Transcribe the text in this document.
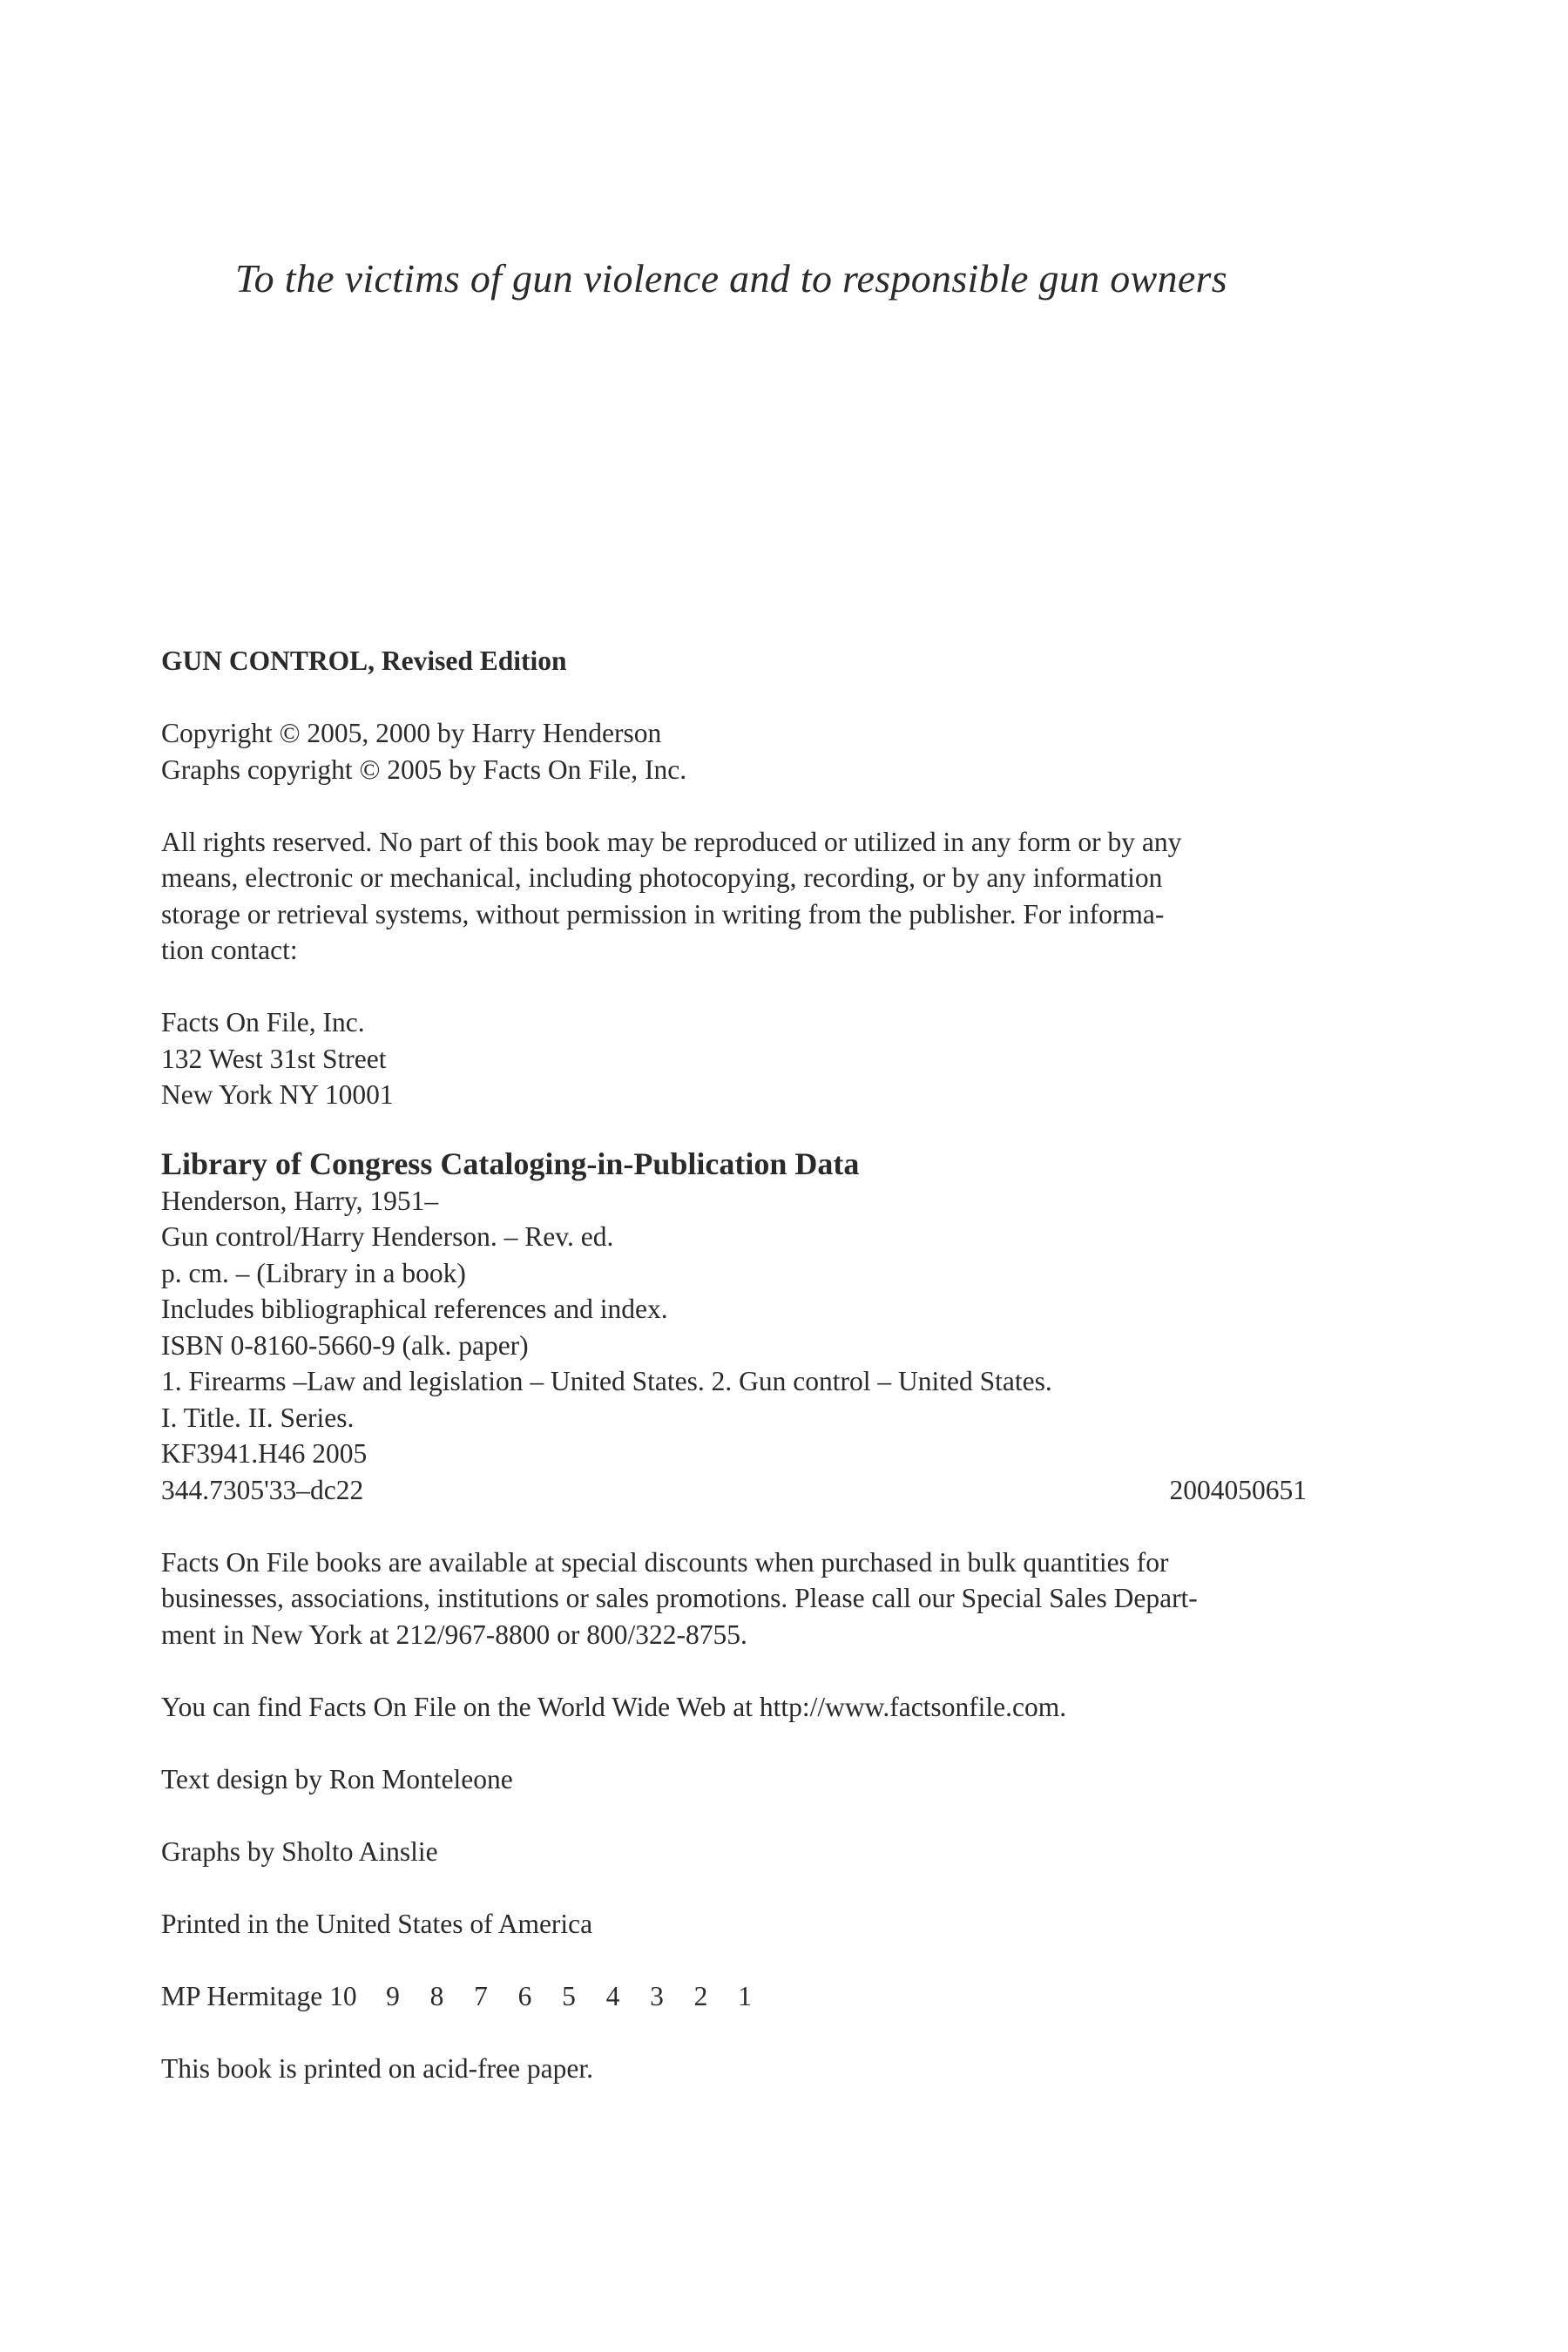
To the victims of gun violence and to responsible gun owners
GUN CONTROL, Revised Edition
Copyright © 2005, 2000 by Harry Henderson
Graphs copyright © 2005 by Facts On File, Inc.
All rights reserved. No part of this book may be reproduced or utilized in any form or by any
means, electronic or mechanical, including photocopying, recording, or by any information
storage or retrieval systems, without permission in writing from the publisher. For informa-
tion contact:
Facts On File, Inc.
132 West 31st Street
New York NY 10001
Library of Congress Cataloging-in-Publication Data
Henderson, Harry, 1951–
Gun control/Harry Henderson. – Rev. ed.
p. cm. – (Library in a book)
Includes bibliographical references and index.
ISBN 0-8160-5660-9 (alk. paper)
1. Firearms –Law and legislation – United States. 2. Gun control – United States.
I. Title. II. Series.
KF3941.H46 2005
344.7305'33–dc22	2004050651
Facts On File books are available at special discounts when purchased in bulk quantities for
businesses, associations, institutions or sales promotions. Please call our Special Sales Depart-
ment in New York at 212/967-8800 or 800/322-8755.
You can find Facts On File on the World Wide Web at http://www.factsonfile.com.
Text design by Ron Monteleone
Graphs by Sholto Ainslie
Printed in the United States of America
MP Hermitage 10	9	8	7	6	5	4	3	2	1
This book is printed on acid-free paper.
